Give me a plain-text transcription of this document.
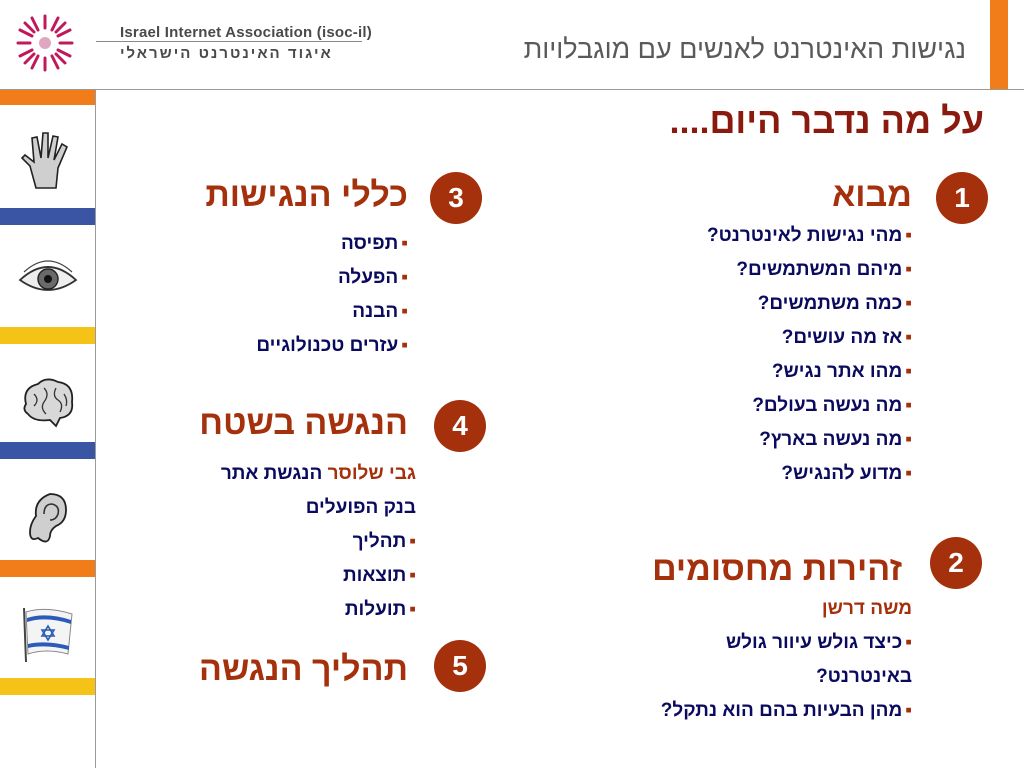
Israel Internet Association (isoc-il)
איגוד האינטרנט הישראלי	נגישות האינטרנט לאנשים עם מוגבלויות
על מה נדבר היום....
1
מבוא
▪ מהי נגישות לאינטרנט?
▪ מיהם המשתמשים?
▪ כמה משתמשים?
▪ אז מה עושים?
▪ מהו אתר נגיש?
▪ מה נעשה בעולם?
▪ מה נעשה בארץ?
▪ מדוע להנגיש?
2
זהירות מחסומים
משה דרשן
▪ כיצד גולש עיוור גולש
באינטרנט?
▪ מהן הבעיות בהם הוא נתקל?
3
כללי הנגישות
▪ תפיסה
▪ הפעלה
▪ הבנה
▪ עזרים טכנולוגיים
4
הנגשה בשטח
גבי שלוסר הנגשת אתר
בנק הפועלים
▪ תהליך
▪ תוצאות
▪ תועלות
5
תהליך הנגשה
